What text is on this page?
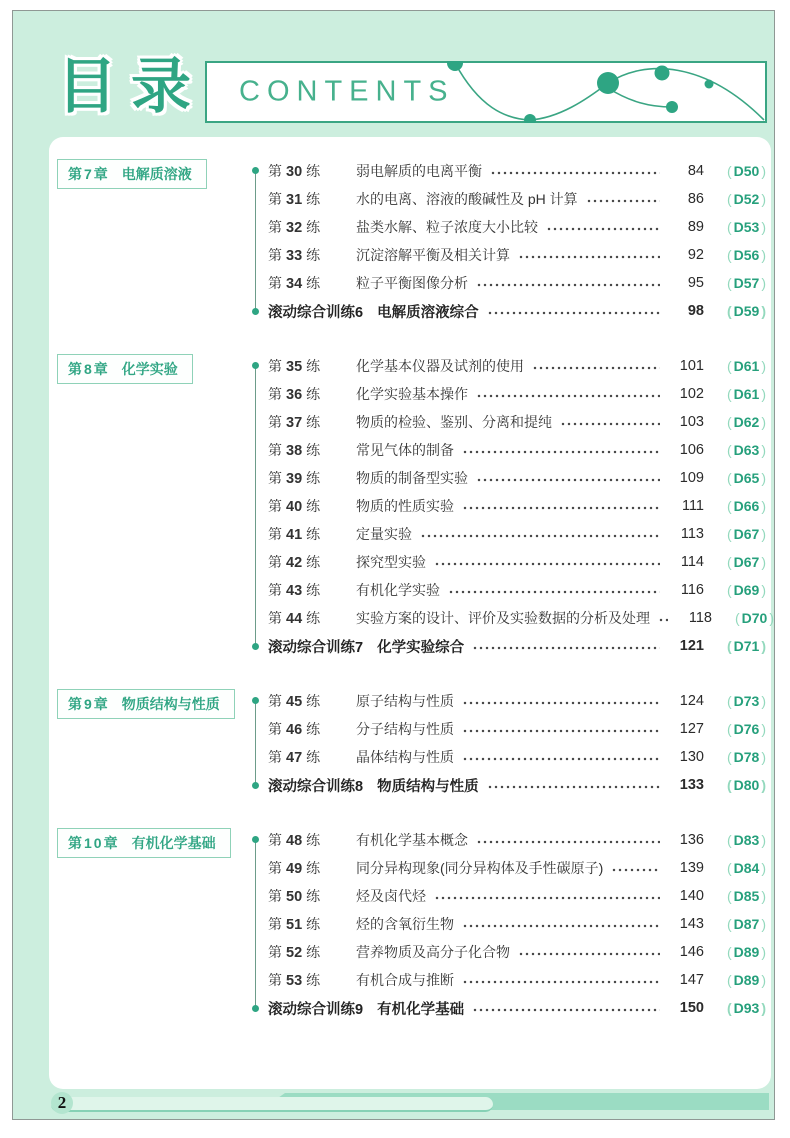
目录 CONTENTS
第7章 电解质溶液	第 30 练	弱电解质的电离平衡	84	( D50 )
第 31 练	水的电离、溶液的酸碱性及 pH 计算	86	( D52 )
第 32 练	盐类水解、粒子浓度大小比较	89	( D53 )
第 33 练	沉淀溶解平衡及相关计算	92	( D56 )
第 34 练	粒子平衡图像分析	95	( D57 )
滚动综合训练6 电解质溶液综合	98	( D59 )
第8章 化学实验	第 35 练	化学基本仪器及试剂的使用	101	( D61 )
第 36 练	化学实验基本操作	102	( D61 )
第 37 练	物质的检验、鉴别、分离和提纯	103	( D62 )
第 38 练	常见气体的制备	106	( D63 )
第 39 练	物质的制备型实验	109	( D65 )
第 40 练	物质的性质实验	111	( D66 )
第 41 练	定量实验	113	( D67 )
第 42 练	探究型实验	114	( D67 )
第 43 练	有机化学实验	116	( D69 )
第 44 练	实验方案的设计、评价及实验数据的分析及处理	118	( D70 )
滚动综合训练7 化学实验综合	121	( D71 )
第9章 物质结构与性质	第 45 练	原子结构与性质	124	( D73 )
第 46 练	分子结构与性质	127	( D76 )
第 47 练	晶体结构与性质	130	( D78 )
滚动综合训练8 物质结构与性质	133	( D80 )
第10章 有机化学基础	第 48 练	有机化学基本概念	136	( D83 )
第 49 练	同分异构现象(同分异构体及手性碳原子)	139	( D84 )
第 50 练	烃及卤代烃	140	( D85 )
第 51 练	烃的含氧衍生物	143	( D87 )
第 52 练	营养物质及高分子化合物	146	( D89 )
第 53 练	有机合成与推断	147	( D89 )
滚动综合训练9 有机化学基础	150	( D93 )
2
